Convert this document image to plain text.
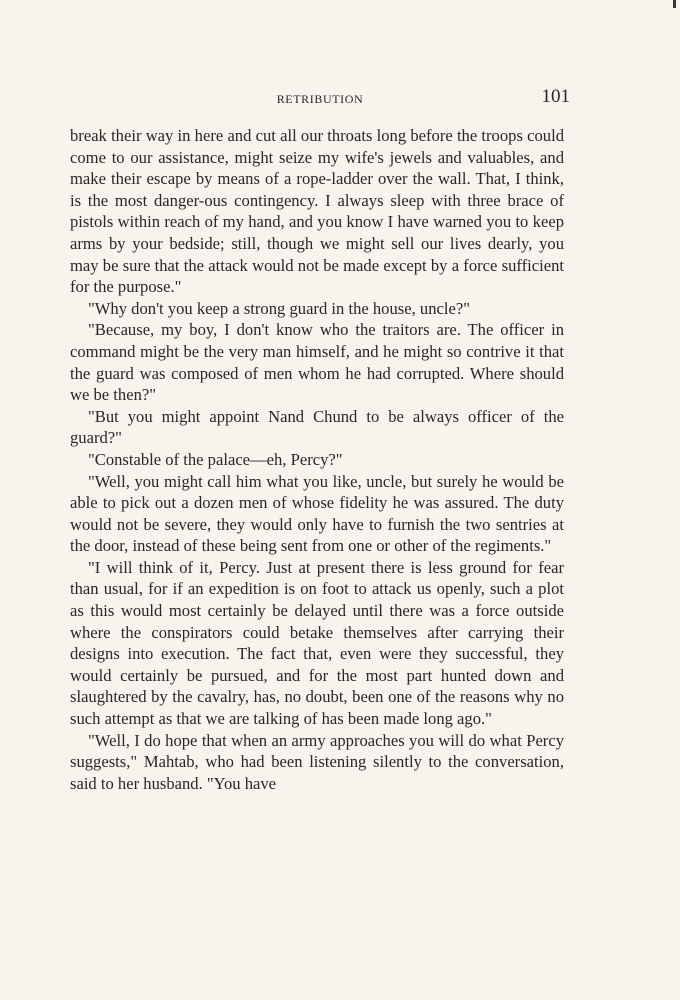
RETRIBUTION	101

break their way in here and cut all our throats long before the troops could come to our assistance, might seize my wife's jewels and valuables, and make their escape by means of a rope-ladder over the wall. That, I think, is the most danger-ous contingency. I always sleep with three brace of pistols within reach of my hand, and you know I have warned you to keep arms by your bedside; still, though we might sell our lives dearly, you may be sure that the attack would not be made except by a force sufficient for the purpose."

"Why don't you keep a strong guard in the house, uncle?"

"Because, my boy, I don't know who the traitors are. The officer in command might be the very man himself, and he might so contrive it that the guard was composed of men whom he had corrupted. Where should we be then?"

"But you might appoint Nand Chund to be always officer of the guard?"

"Constable of the palace—eh, Percy?"

"Well, you might call him what you like, uncle, but surely he would be able to pick out a dozen men of whose fidelity he was assured. The duty would not be severe, they would only have to furnish the two sentries at the door, instead of these being sent from one or other of the regiments."

"I will think of it, Percy. Just at present there is less ground for fear than usual, for if an expedition is on foot to attack us openly, such a plot as this would most certainly be delayed until there was a force outside where the conspirators could betake themselves after carrying their designs into execution. The fact that, even were they successful, they would certainly be pursued, and for the most part hunted down and slaughtered by the cavalry, has, no doubt, been one of the reasons why no such attempt as that we are talking of has been made long ago."

"Well, I do hope that when an army approaches you will do what Percy suggests," Mahtab, who had been listening silently to the conversation, said to her husband. "You have
